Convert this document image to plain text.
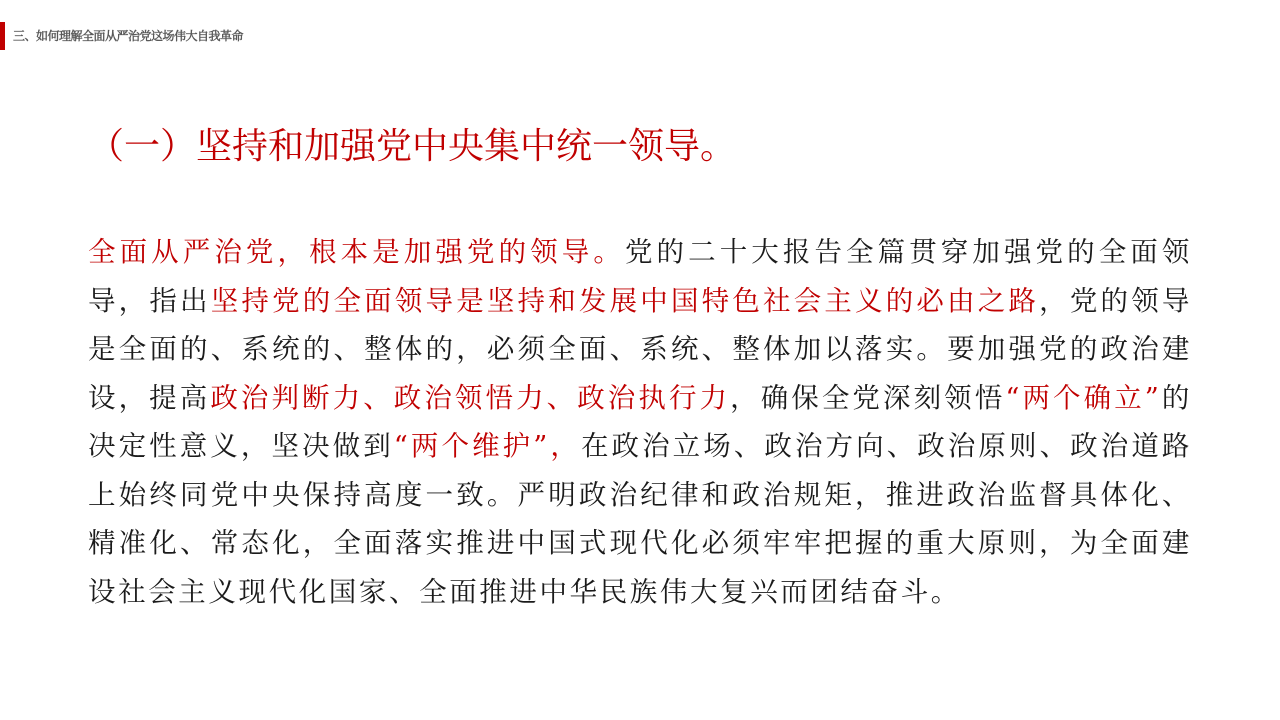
三、如何理解全面从严治党这场伟大自我革命
（一）坚持和加强党中央集中统一领导。
全面从严治党，根本是加强党的领导。党的二十大报告全篇贯穿加强党的全面领导，指出坚持党的全面领导是坚持和发展中国特色社会主义的必由之路，党的领导是全面的、系统的、整体的，必须全面、系统、整体加以落实。要加强党的政治建设，提高政治判断力、政治领悟力、政治执行力，确保全党深刻领悟“两个确立”的决定性意义，坚决做到“两个维护”，在政治立场、政治方向、政治原则、政治道路上始终同党中央保持高度一致。严明政治纪律和政治规矩，推进政治监督具体化、精准化、常态化，全面落实推进中国式现代化必须牢牢把握的重大原则，为全面建设社会主义现代化国家、全面推进中华民族伟大复兴而团结奋斗。
